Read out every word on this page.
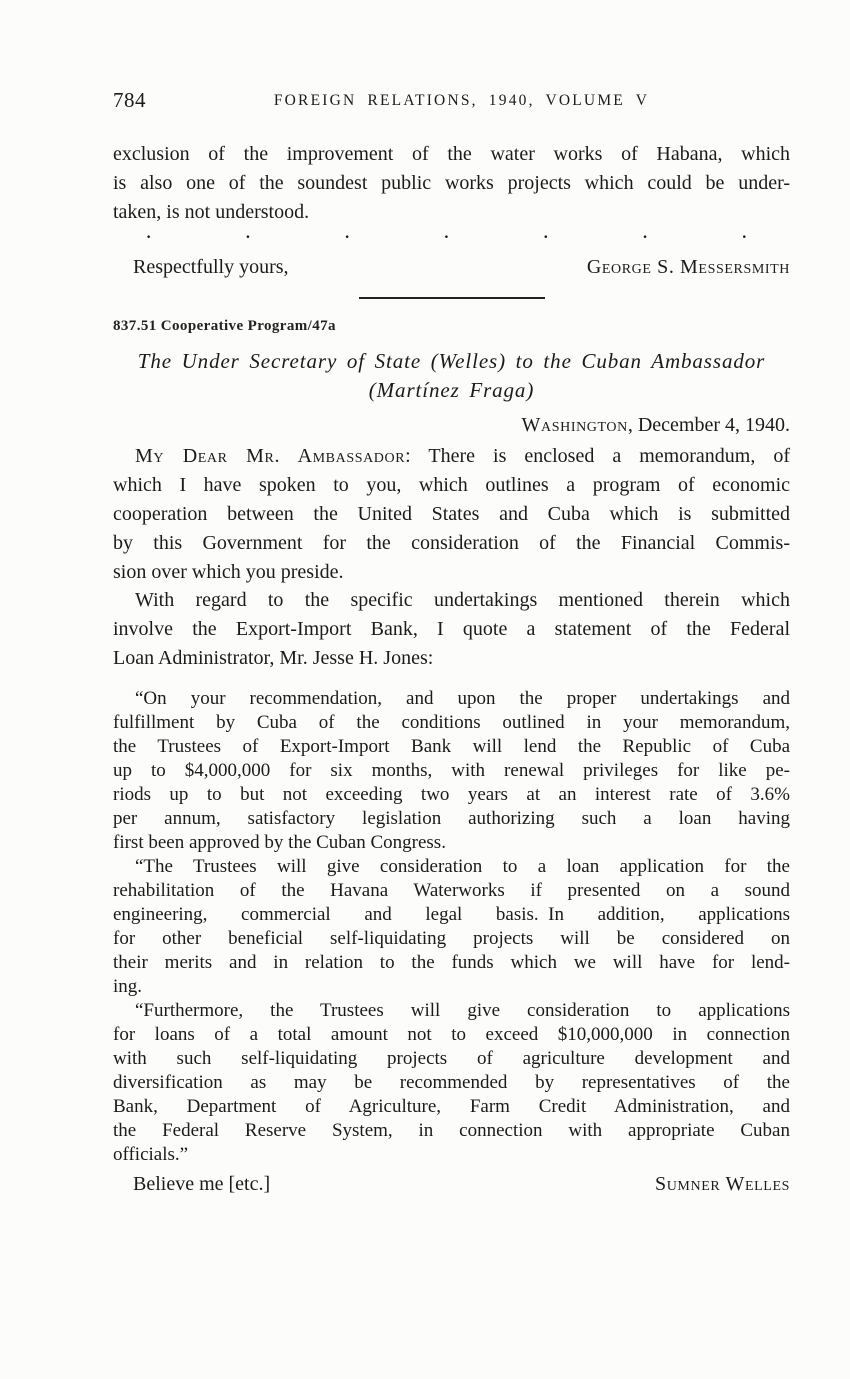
784	FOREIGN RELATIONS, 1940, VOLUME V
exclusion of the improvement of the water works of Habana, which
is also one of the soundest public works projects which could be under-
taken, is not understood.
·	·	·	·	·	·	·
Respectfully yours,	George S. Messersmith
837.51 Cooperative Program/47a
The Under Secretary of State (Welles) to the Cuban Ambassador
(Martínez Fraga)
Washington, December 4, 1940.
My Dear Mr. Ambassador: There is enclosed a memorandum, of
which I have spoken to you, which outlines a program of economic
cooperation between the United States and Cuba which is submitted
by this Government for the consideration of the Financial Commis-
sion over which you preside.
With regard to the specific undertakings mentioned therein which
involve the Export-Import Bank, I quote a statement of the Federal
Loan Administrator, Mr. Jesse H. Jones:
“On your recommendation, and upon the proper undertakings and
fulfillment by Cuba of the conditions outlined in your memorandum,
the Trustees of Export-Import Bank will lend the Republic of Cuba
up to $4,000,000 for six months, with renewal privileges for like pe-
riods up to but not exceeding two years at an interest rate of 3.6%
per annum, satisfactory legislation authorizing such a loan having
first been approved by the Cuban Congress.
“The Trustees will give consideration to a loan application for the
rehabilitation of the Havana Waterworks if presented on a sound
engineering, commercial and legal basis. In addition, applications
for other beneficial self-liquidating projects will be considered on
their merits and in relation to the funds which we will have for lend-
ing.
“Furthermore, the Trustees will give consideration to applications
for loans of a total amount not to exceed $10,000,000 in connection
with such self-liquidating projects of agriculture development and
diversification as may be recommended by representatives of the
Bank, Department of Agriculture, Farm Credit Administration, and
the Federal Reserve System, in connection with appropriate Cuban
officials.”
Believe me [etc.]	Sumner Welles
